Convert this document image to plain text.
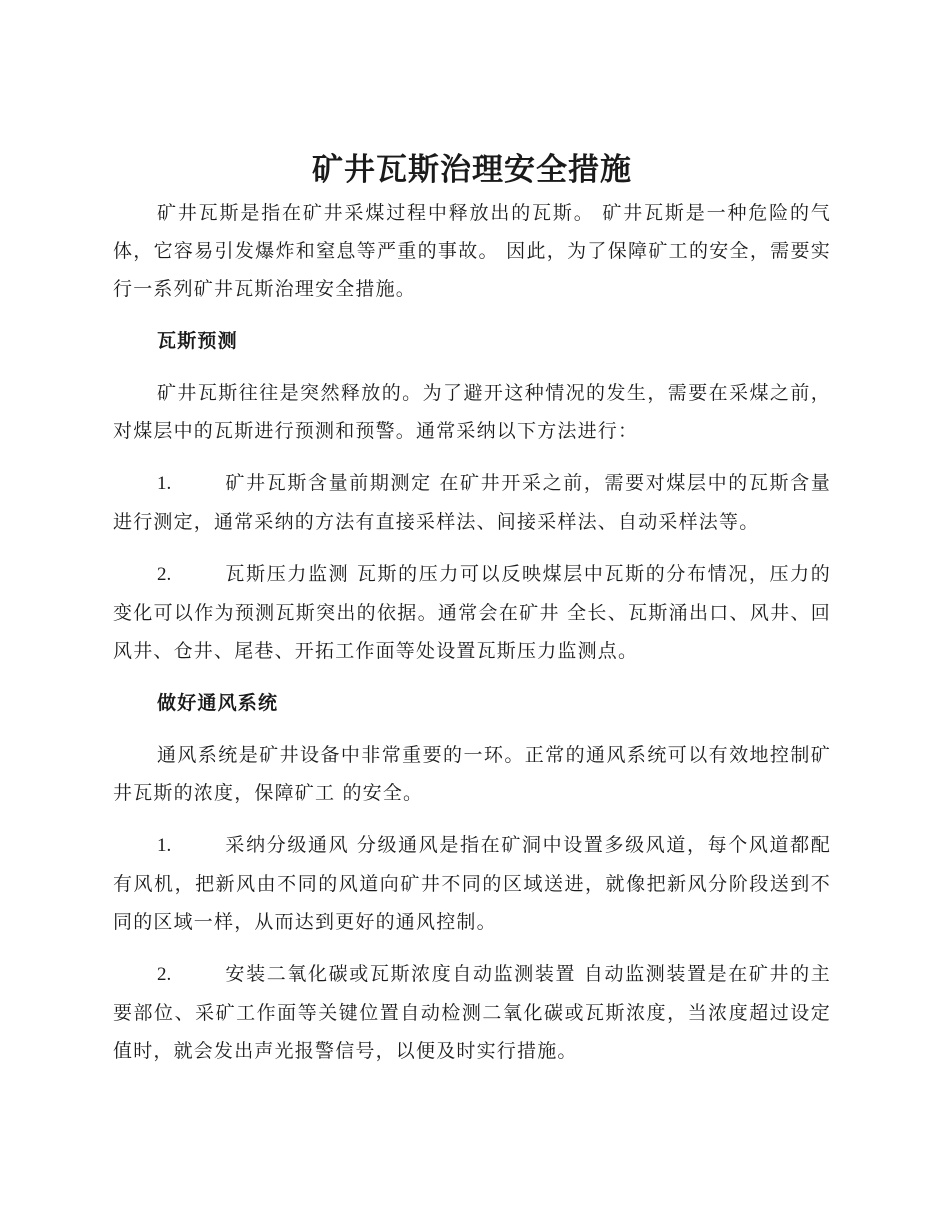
矿井瓦斯治理安全措施

矿井瓦斯是指在矿井采煤过程中释放出的瓦斯。 矿井瓦斯是一种危险的气体，它容易引发爆炸和窒息等严重的事故。 因此，为了保障矿工的安全，需要实行一系列矿井瓦斯治理安全措施。

瓦斯预测

矿井瓦斯往往是突然释放的。为了避开这种情况的发生，需要在采煤之前，对煤层中的瓦斯进行预测和预警。通常采纳以下方法进行：

1.	矿井瓦斯含量前期测定 在矿井开采之前，需要对煤层中的瓦斯含量进行测定，通常采纳的方法有直接采样法、间接采样法、自动采样法等。

2.	瓦斯压力监测 瓦斯的压力可以反映煤层中瓦斯的分布情况，压力的变化可以作为预测瓦斯突出的依据。通常会在矿井 全长、瓦斯涌出口、风井、回风井、仓井、尾巷、开拓工作面等处设置瓦斯压力监测点。

做好通风系统

通风系统是矿井设备中非常重要的一环。正常的通风系统可以有效地控制矿井瓦斯的浓度，保障矿工 的安全。

1.	采纳分级通风 分级通风是指在矿洞中设置多级风道，每个风道都配有风机，把新风由不同的风道向矿井不同的区域送进，就像把新风分阶段送到不同的区域一样，从而达到更好的通风控制。

2.	安装二氧化碳或瓦斯浓度自动监测装置 自动监测装置是在矿井的主要部位、采矿工作面等关键位置自动检测二氧化碳或瓦斯浓度，当浓度超过设定值时，就会发出声光报警信号，以便及时实行措施。
